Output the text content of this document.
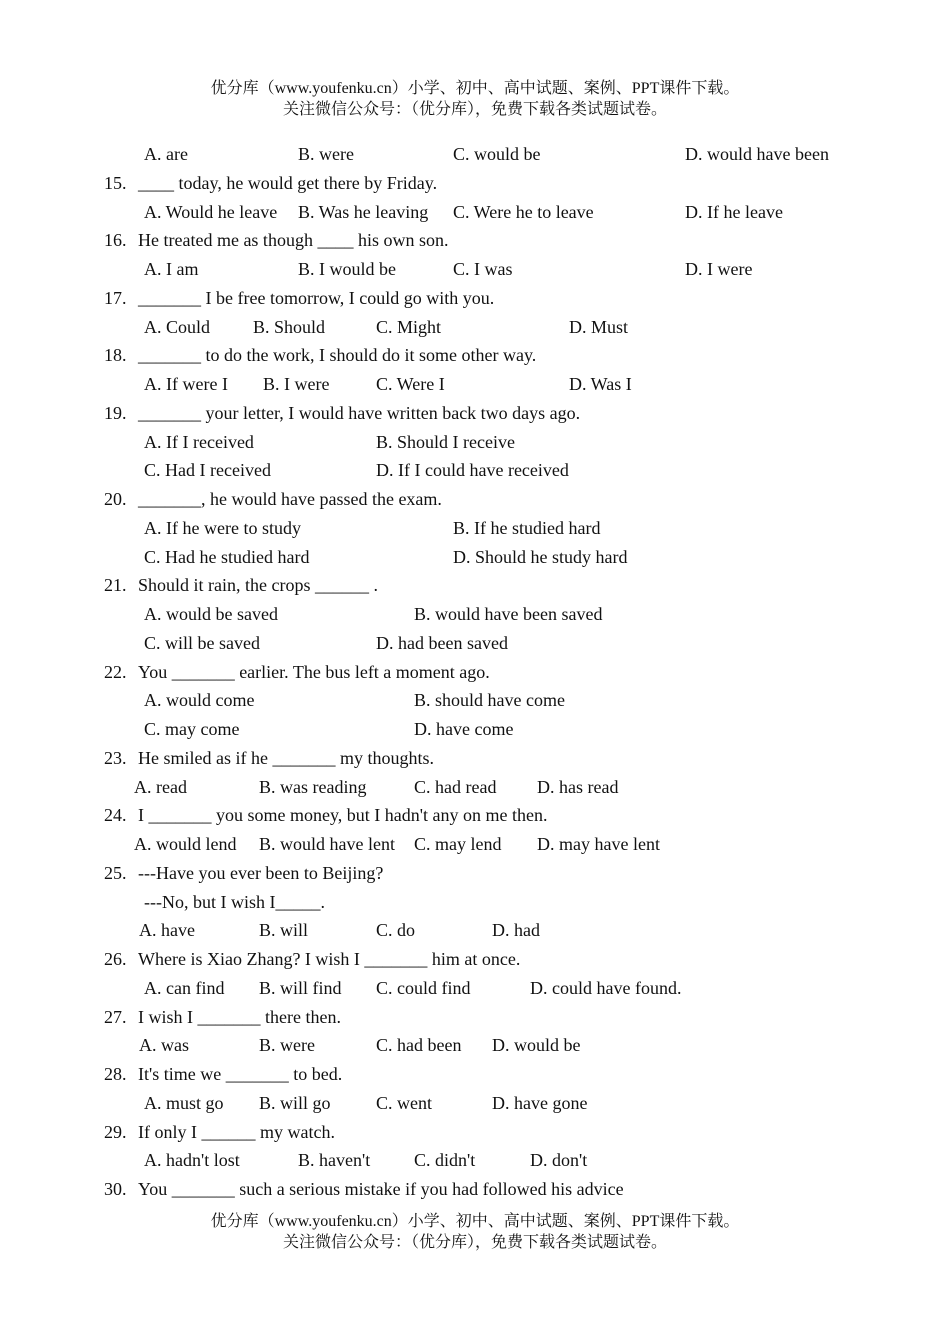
优分库（www.youfenku.cn）小学、初中、高中试题、案例、PPT课件下载。
关注微信公众号：（优分库），免费下载各类试题试卷。
A. are	B. were	C. would be	D. would have been
15. ____ today, he would get there by Friday.
A. Would he leave B. Was he leaving C. Were he to leave	D. If he leave
16. He treated me as though ____ his own son.
A. I am	B. I would be	C. I was	D. I were
17. _______ I be free tomorrow, I could go with you.
A. Could B. Should	C. Might	D. Must
18. _______ to do the work, I should do it some other way.
A. If were I B. I were	C. Were I	D. Was I
19. _______ your letter, I would have written back two days ago.
A. If I received	B. Should I receive
C. Had I received	D. If I could have received
20. _______, he would have passed the exam.
A. If he were to study	B. If he studied hard
C. Had he studied hard	D. Should he study hard
21. Should it rain, the crops ______ .
A. would be saved	B. would have been saved
C. will be saved	D. had been saved
22. You _______ earlier. The bus left a moment ago.
A. would come	B. should have come
C. may come	D. have come
23. He smiled as if he _______ my thoughts.
A. read	B. was reading	C. had read D. has read
24. I _______ you some money, but I hadn't any on me then.
A. would lend B. would have lent C. may lend D. may have lent
25. ---Have you ever been to Beijing?
---No, but I wish I_____.
A. have	B. will	C. do	D. had
26. Where is Xiao Zhang? I wish I _______ him at once.
A. can find B. will find C. could find	D. could have found.
27. I wish I _______ there then.
A. was	B. were	C. had been D. would be
28. It's time we _______ to bed.
A. must go B. will go	C. went	D. have gone
29. If only I ______ my watch.
A. hadn't lost	B. haven't C. didn't	D. don't
30. You _______ such a serious mistake if you had followed his advice
优分库（www.youfenku.cn）小学、初中、高中试题、案例、PPT课件下载。
关注微信公众号：（优分库），免费下载各类试题试卷。
